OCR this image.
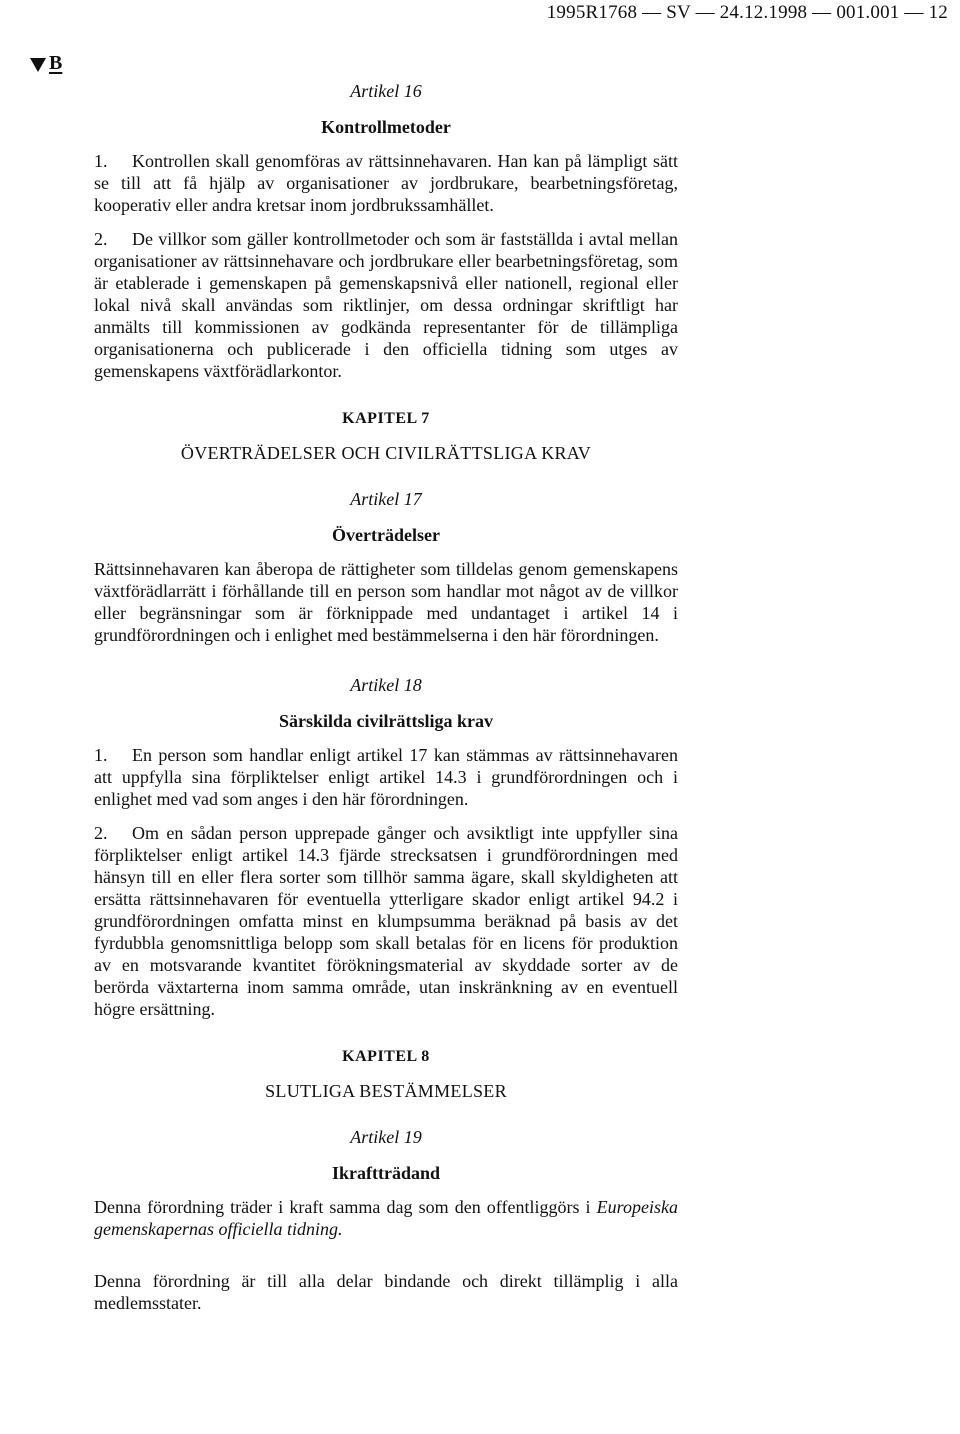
1995R1768 — SV — 24.12.1998 — 001.001 — 12
B
Artikel 16
Kontrollmetoder
1. Kontrollen skall genomföras av rättsinnehavaren. Han kan på lämpligt sätt se till att få hjälp av organisationer av jordbrukare, bearbetningsföretag, kooperativ eller andra kretsar inom jordbrukssamhället.
2. De villkor som gäller kontrollmetoder och som är fastställda i avtal mellan organisationer av rättsinnehavare och jordbrukare eller bearbetningsföretag, som är etablerade i gemenskapen på gemenskapsnivå eller nationell, regional eller lokal nivå skall användas som riktlinjer, om dessa ordningar skriftligt har anmälts till kommissionen av godkända representanter för de tillämpliga organisationerna och publicerade i den officiella tidning som utges av gemenskapens växtförädlarkontor.
KAPITEL 7
ÖVERTRÄDELSER OCH CIVILRÄTTSLIGA KRAV
Artikel 17
Överträdelser
Rättsinnehavaren kan åberopa de rättigheter som tilldelas genom gemenskapens växtförädlarrätt i förhållande till en person som handlar mot något av de villkor eller begränsningar som är förknippade med undantaget i artikel 14 i grundförordningen och i enlighet med bestämmelserna i den här förordningen.
Artikel 18
Särskilda civilrättsliga krav
1. En person som handlar enligt artikel 17 kan stämmas av rättsinnehavaren att uppfylla sina förpliktelser enligt artikel 14.3 i grundförordningen och i enlighet med vad som anges i den här förordningen.
2. Om en sådan person upprepade gånger och avsiktligt inte uppfyller sina förpliktelser enligt artikel 14.3 fjärde strecksatsen i grundförordningen med hänsyn till en eller flera sorter som tillhör samma ägare, skall skyldigheten att ersätta rättsinnehavaren för eventuella ytterligare skador enligt artikel 94.2 i grundförordningen omfatta minst en klumpsumma beräknad på basis av det fyrdubbla genomsnittliga belopp som skall betalas för en licens för produktion av en motsvarande kvantitet förökningsmaterial av skyddade sorter av de berörda växtarterna inom samma område, utan inskränkning av en eventuell högre ersättning.
KAPITEL 8
SLUTLIGA BESTÄMMELSER
Artikel 19
Ikraftträdand
Denna förordning träder i kraft samma dag som den offentliggörs i Europeiska gemenskapernas officiella tidning.
Denna förordning är till alla delar bindande och direkt tillämplig i alla medlemsstater.
